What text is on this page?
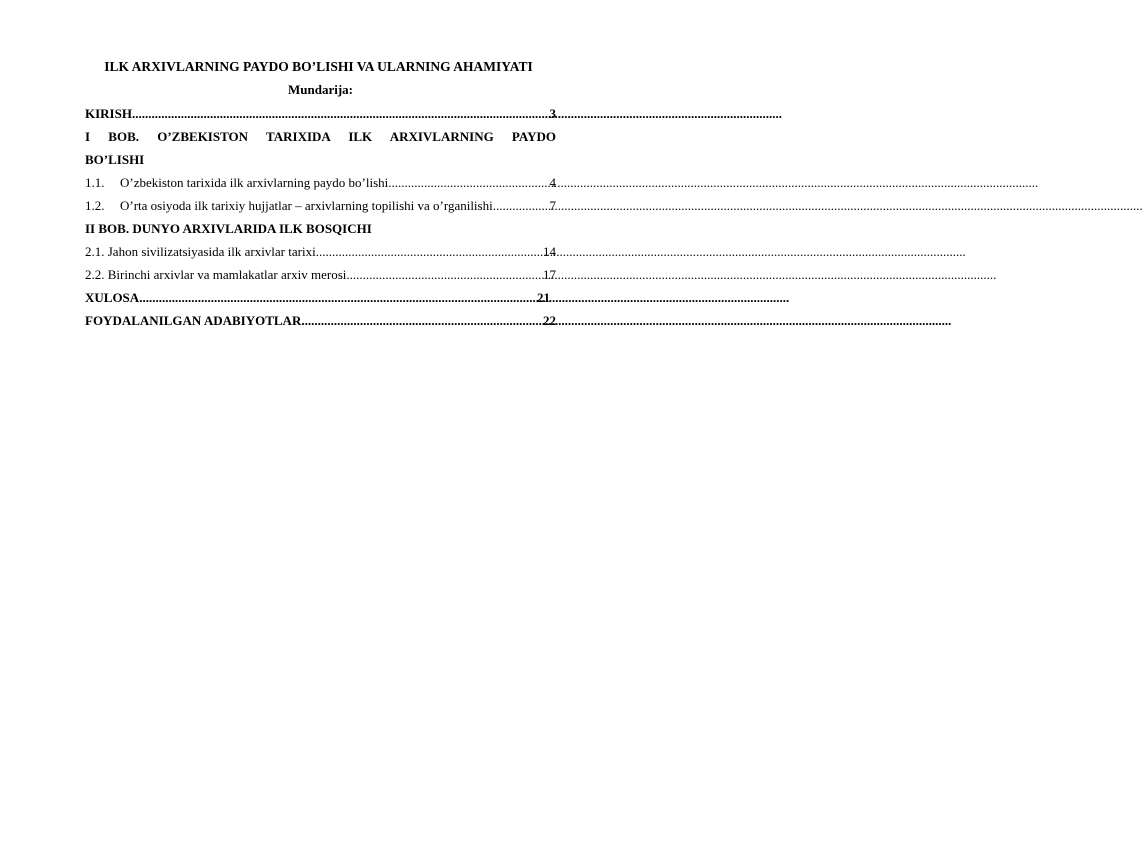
ILK ARXIVLARNING PAYDO BO’LISHI VA ULARNING AHAMIYATI
Mundarija:
KIRISH .....	3
I BOB. O’ZBEKISTON TARIXIDA ILK ARXIVLARNING PAYDO
BO’LISHI
1.1.	O’zbekiston tarixida ilk arxivlarning paydo bo’lishi .....	4
1.2.	O’rta osiyoda ilk tarixiy hujjatlar – arxivlarning topilishi va o’rganilishi .....	7
II BOB. DUNYO ARXIVLARIDA ILK BOSQICHI
2.1. Jahon sivilizatsiyasida ilk arxivlar tarixi .....	14
2.2. Birinchi arxivlar va mamlakatlar arxiv merosi .....	17
XULOSA .....	21
FOYDALANILGAN ADABIYOTLAR .....	22
